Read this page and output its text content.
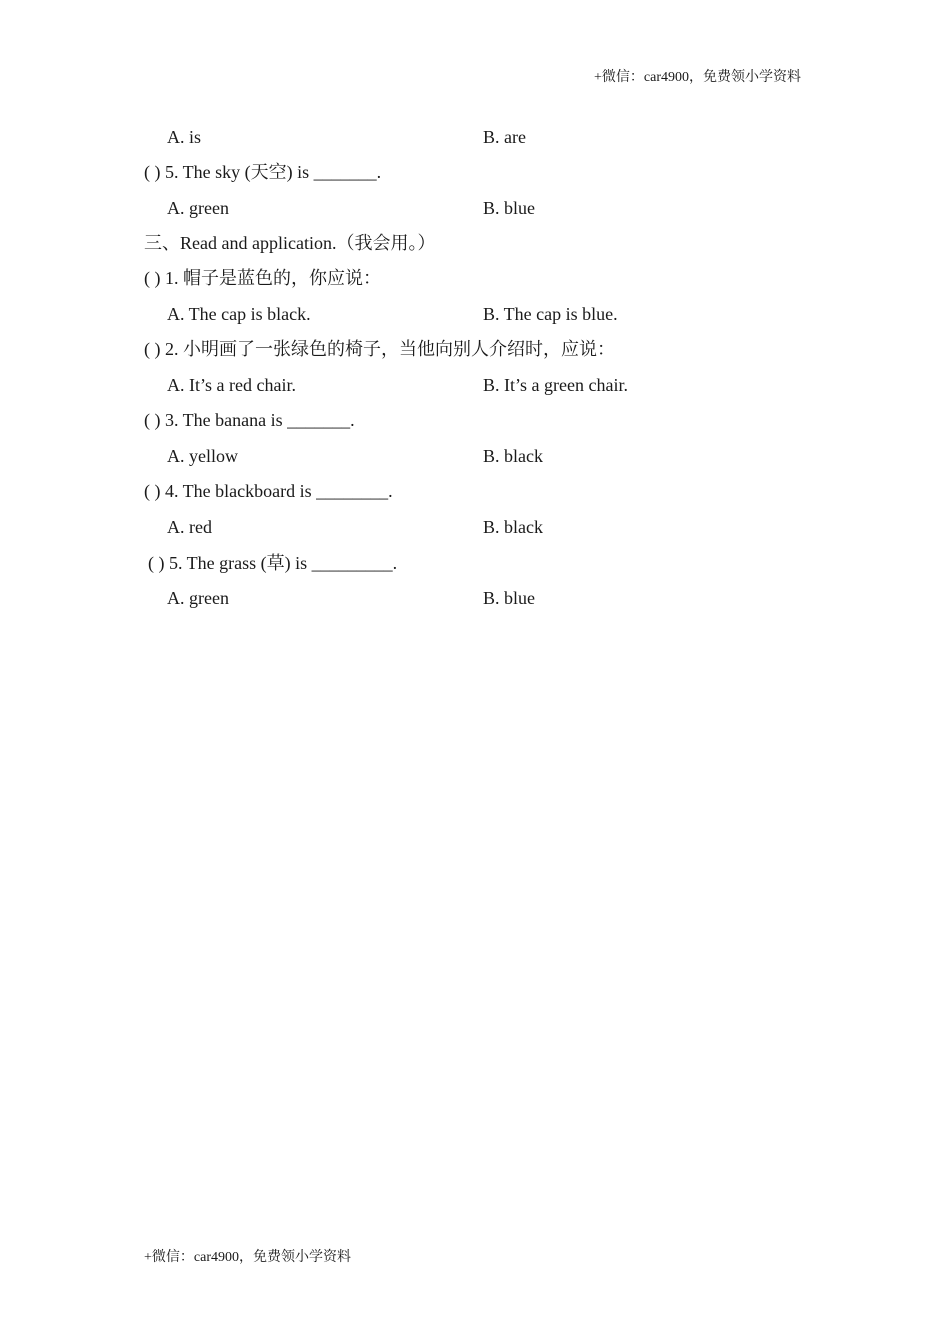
+微信：car4900，免费领小学资料
A. is	B. are
( ) 5. The sky (天空) is _______.
A. green	B. blue
三、Read and application.（我会用。）
( ) 1. 帽子是蓝色的，你应说：
A. The cap is black.	B. The cap is blue.
( ) 2. 小明画了一张绿色的椅子，当他向别人介绍时，应说：
A. It’s a red chair.	B. It’s a green chair.
( ) 3. The banana is _______.
A. yellow	B. black
( ) 4. The blackboard is ________.
A. red	B. black
( ) 5. The grass (草) is _________.
A. green	B. blue
+微信：car4900，免费领小学资料
